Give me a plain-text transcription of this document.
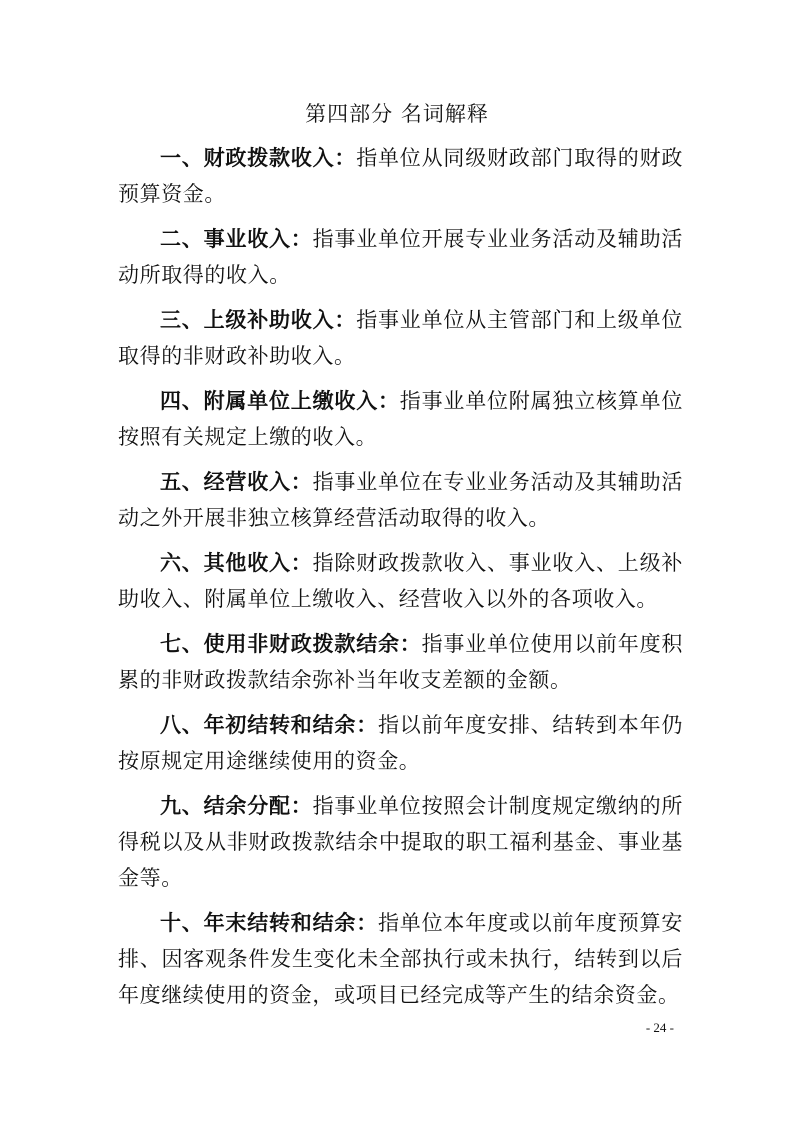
第四部分 名词解释

一、财政拨款收入：指单位从同级财政部门取得的财政预算资金。

二、事业收入：指事业单位开展专业业务活动及辅助活动所取得的收入。

三、上级补助收入：指事业单位从主管部门和上级单位取得的非财政补助收入。

四、附属单位上缴收入：指事业单位附属独立核算单位按照有关规定上缴的收入。

五、经营收入：指事业单位在专业业务活动及其辅助活动之外开展非独立核算经营活动取得的收入。

六、其他收入：指除财政拨款收入、事业收入、上级补助收入、附属单位上缴收入、经营收入以外的各项收入。

七、使用非财政拨款结余：指事业单位使用以前年度积累的非财政拨款结余弥补当年收支差额的金额。

八、年初结转和结余：指以前年度安排、结转到本年仍按原规定用途继续使用的资金。

九、结余分配：指事业单位按照会计制度规定缴纳的所得税以及从非财政拨款结余中提取的职工福利基金、事业基金等。

十、年末结转和结余：指单位本年度或以前年度预算安排、因客观条件发生变化未全部执行或未执行，结转到以后年度继续使用的资金，或项目已经完成等产生的结余资金。

- 24 -
